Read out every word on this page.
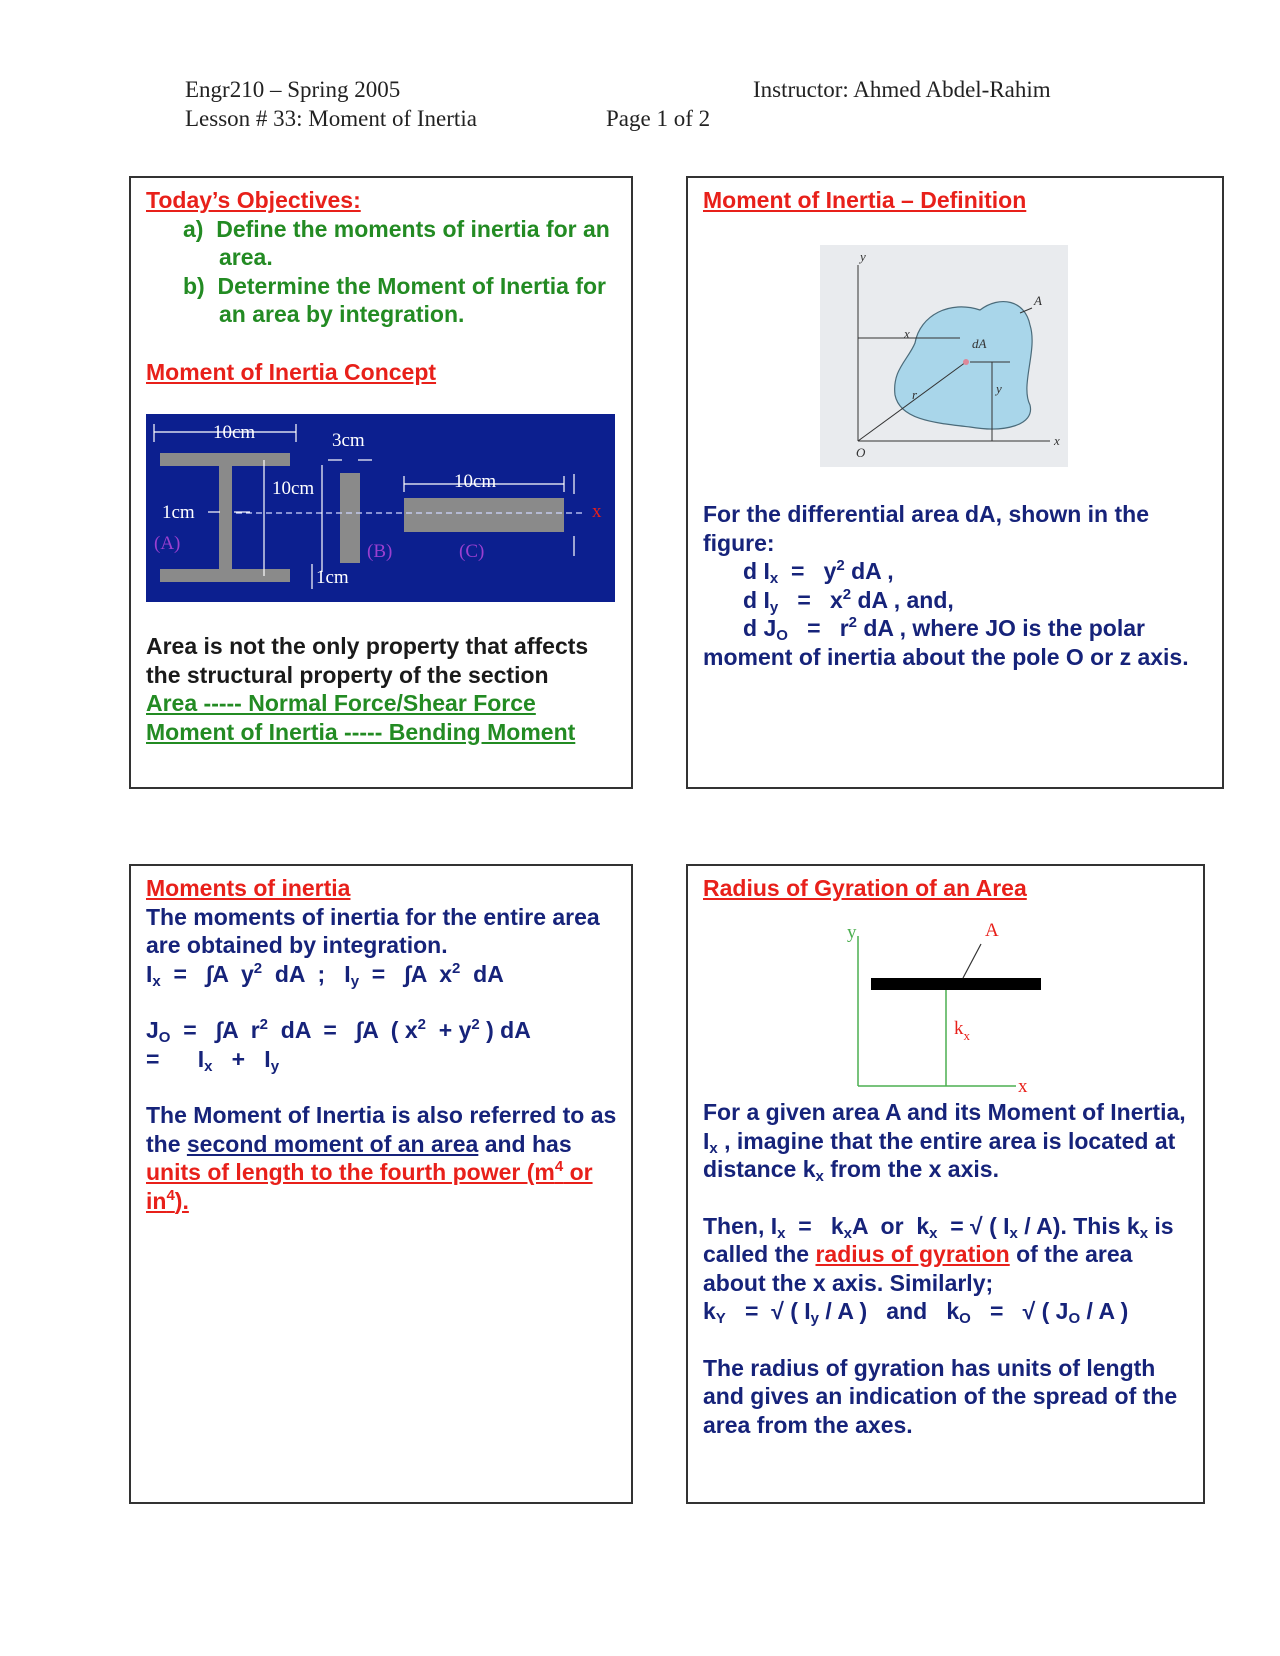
Engr210 – Spring 2005
Lesson # 33: Moment of Inertia	Page 1 of 2
Instructor: Ahmed Abdel-Rahim

Today’s Objectives:

a) Define the moments of inertia for an area.

b) Determine the Moment of Inertia for an area by integration.

Moment of Inertia Concept
10cm	3cm
10cm
1cm
1cm
10cm
x
(A)	(B)	(C)

Area is not the only property that affects the structural property of the section

Area ----- Normal Force/Shear Force

Moment of Inertia ----- Bending Moment

Moment of Inertia – Definition
y
x
A
dA
r	y
O
x

For the differential area dA, shown in the figure:

d $I_x = y^2$ dA ,

d $I_y = x^2$ dA , and,

d $J_O = r^2$ dA , where JO is the polar

moment of inertia about the pole O or z axis.

Moments of inertia

The moments of inertia for the entire area are obtained by integration.

$I_x = \int A$  $y^2$  dA  ;   $I_y = \int A$  $x^2$  dA

$J_O = \int A$  $r^2$  dA  =   ∫A  ( $x^2 + y^2$ ) dA

=      $I_x + I_y$

The Moment of Inertia is also referred to as the second moment of an area and has units of length to the fourth power ($m^4$ or $in^4$).

Radius of Gyration of an Area
y	A
$k_x$
x

For a given area A and its Moment of Inertia, $I_x$ , imagine that the entire area is located at distance $k_x$ from the x axis.

Then, $I_x = k_xA$  or  $k_x$  = √ ( $I_x / A$). This $k_x$ is called the radius of gyration of the area about the x axis. Similarly;

$k_Y$   =  √ ( $I_y$ / A )   and   $k_O$   =   √ ( $J_O$ / A )

The radius of gyration has units of length and gives an indication of the spread of the area from the axes.
